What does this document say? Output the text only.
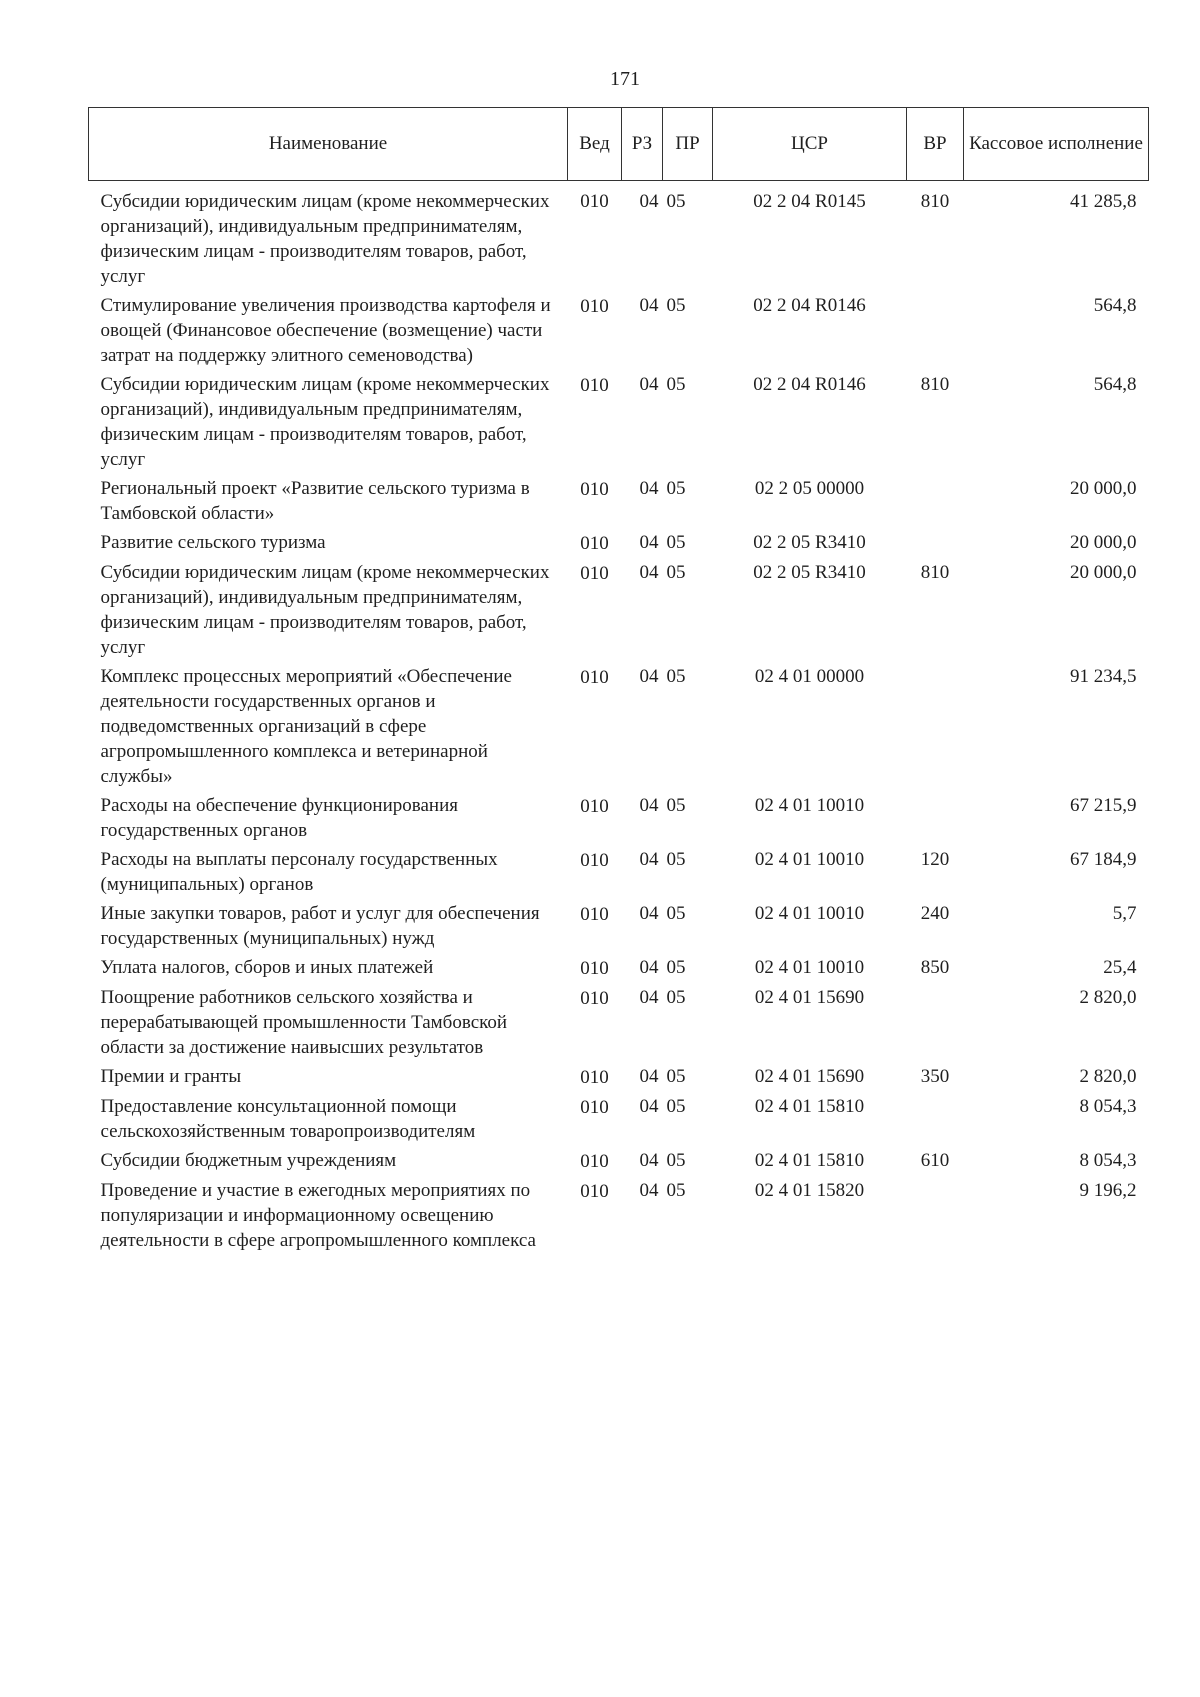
171
Наименование	Вед	РЗ	ПР	ЦСР	ВР	Кассовое исполнение
Субсидии юридическим лицам (кроме некоммерческих организаций), индивидуальным предпринимателям, физическим лицам - производителям товаров, работ, услуг	010	04	05	02 2 04 R0145	810	41 285,8
Стимулирование увеличения производства картофеля и овощей (Финансовое обеспечение (возмещение) части затрат на поддержку элитного семеноводства)	010	04	05	02 2 04 R0146		564,8
Субсидии юридическим лицам (кроме некоммерческих организаций), индивидуальным предпринимателям, физическим лицам - производителям товаров, работ, услуг	010	04	05	02 2 04 R0146	810	564,8
Региональный проект «Развитие сельского туризма в Тамбовской области»	010	04	05	02 2 05 00000		20 000,0
Развитие сельского туризма	010	04	05	02 2 05 R3410		20 000,0
Субсидии юридическим лицам (кроме некоммерческих организаций), индивидуальным предпринимателям, физическим лицам - производителям товаров, работ, услуг	010	04	05	02 2 05 R3410	810	20 000,0
Комплекс процессных мероприятий «Обеспечение деятельности государственных органов и подведомственных организаций в сфере агропромышленного комплекса и ветеринарной службы»	010	04	05	02 4 01 00000		91 234,5
Расходы на обеспечение функционирования государственных органов	010	04	05	02 4 01 10010		67 215,9
Расходы на выплаты персоналу государственных (муниципальных) органов	010	04	05	02 4 01 10010	120	67 184,9
Иные закупки товаров, работ и услуг для обеспечения государственных (муниципальных) нужд	010	04	05	02 4 01 10010	240	5,7
Уплата налогов, сборов и иных платежей	010	04	05	02 4 01 10010	850	25,4
Поощрение работников сельского хозяйства и перерабатывающей промышленности Тамбовской области за достижение наивысших результатов	010	04	05	02 4 01 15690		2 820,0
Премии и гранты	010	04	05	02 4 01 15690	350	2 820,0
Предоставление консультационной помощи сельскохозяйственным товаропроизводителям	010	04	05	02 4 01 15810		8 054,3
Субсидии бюджетным учреждениям	010	04	05	02 4 01 15810	610	8 054,3
Проведение и участие в ежегодных мероприятиях по популяризации и информационному освещению деятельности в сфере агропромышленного комплекса	010	04	05	02 4 01 15820		9 196,2
